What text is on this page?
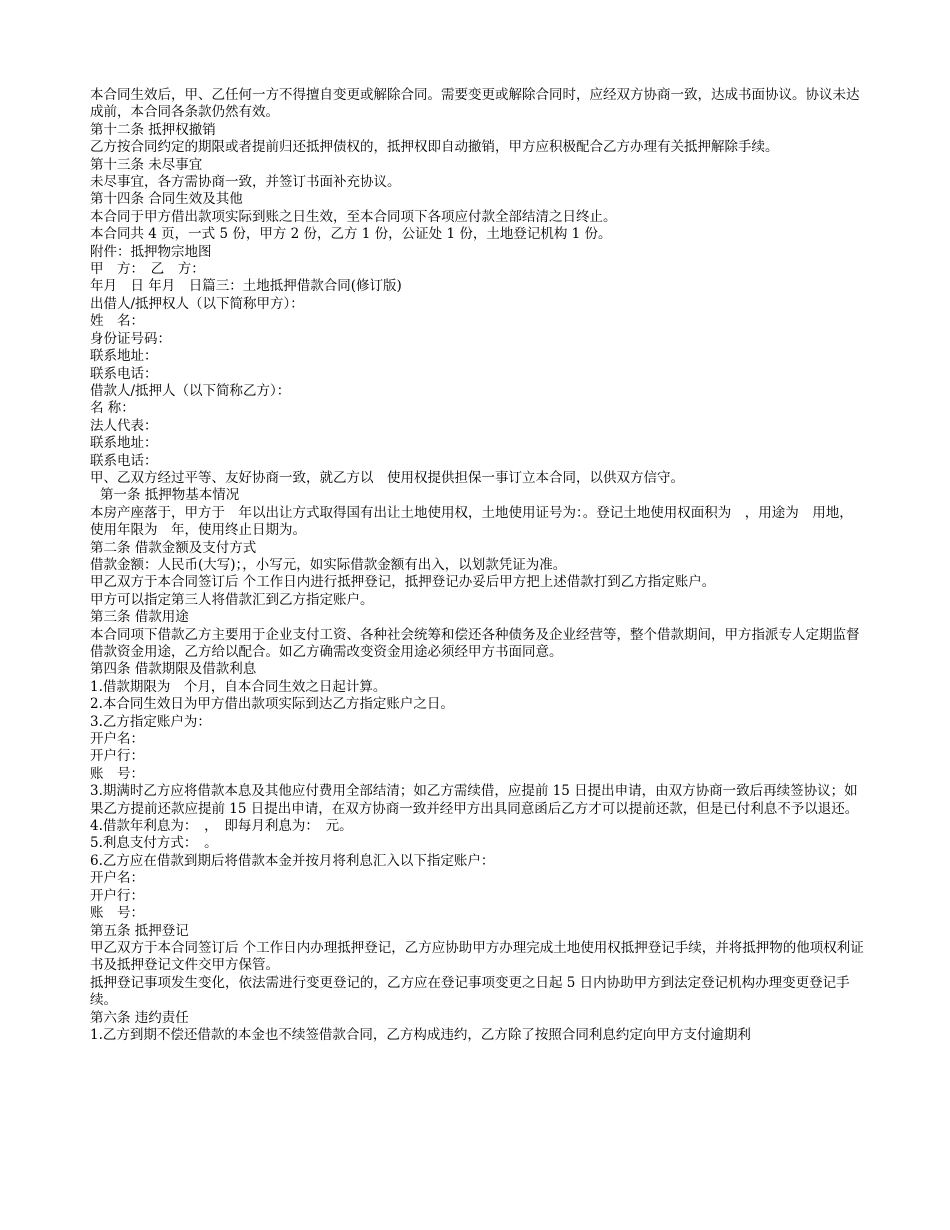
本合同生效后，甲、乙任何一方不得擅自变更或解除合同。需要变更或解除合同时，应经双方协商一致，达成书面协议。协议未达成前，本合同各条款仍然有效。

第十二条 抵押权撤销

乙方按合同约定的期限或者提前归还抵押债权的，抵押权即自动撤销，甲方应积极配合乙方办理有关抵押解除手续。

第十三条 未尽事宜

未尽事宜，各方需协商一致，并签订书面补充协议。

第十四条 合同生效及其他

本合同于甲方借出款项实际到账之日生效，至本合同项下各项应付款全部结清之日终止。

本合同共 4 页，一式 5 份，甲方 2 份，乙方 1 份，公证处 1 份，土地登记机构 1 份。

附件：抵押物宗地图

甲　方：　乙　方：

年月　日 年月　日篇三：土地抵押借款合同(修订版)

出借人/抵押权人（以下简称甲方）：

姓　名：

身份证号码：

联系地址：

联系电话：

借款人/抵押人（以下简称乙方）：

名 称：

法人代表：

联系地址：

联系电话：

甲、乙双方经过平等、友好协商一致，就乙方以　使用权提供担保一事订立本合同，以供双方信守。

第一条 抵押物基本情况

本房产座落于，甲方于　年以出让方式取得国有出让土地使用权，土地使用证号为：。登记土地使用权面积为　，用途为　用地，使用年限为　年，使用终止日期为。

第二条 借款金额及支付方式

借款金额：人民币(大写)；，小写元，如实际借款金额有出入，以划款凭证为准。

甲乙双方于本合同签订后 个工作日内进行抵押登记，抵押登记办妥后甲方把上述借款打到乙方指定账户。

甲方可以指定第三人将借款汇到乙方指定账户。

第三条 借款用途

本合同项下借款乙方主要用于企业支付工资、各种社会统筹和偿还各种债务及企业经营等，整个借款期间，甲方指派专人定期监督借款资金用途，乙方给以配合。如乙方确需改变资金用途必须经甲方书面同意。

第四条 借款期限及借款利息

1.借款期限为　个月，自本合同生效之日起计算。

2.本合同生效日为甲方借出款项实际到达乙方指定账户之日。

3.乙方指定账户为：

开户名：

开户行：

账　号：

3.期满时乙方应将借款本息及其他应付费用全部结清；如乙方需续借，应提前 15 日提出申请，由双方协商一致后再续签协议；如果乙方提前还款应提前 15 日提出申请，在双方协商一致并经甲方出具同意函后乙方才可以提前还款，但是已付利息不予以退还。

4.借款年利息为：　，　即每月利息为：　元。

5.利息支付方式：　。

6.乙方应在借款到期后将借款本金并按月将利息汇入以下指定账户：

开户名：

开户行：

账　号：

第五条 抵押登记

甲乙双方于本合同签订后 个工作日内办理抵押登记，乙方应协助甲方办理完成土地使用权抵押登记手续，并将抵押物的他项权利证书及抵押登记文件交甲方保管。

抵押登记事项发生变化，依法需进行变更登记的，乙方应在登记事项变更之日起 5 日内协助甲方到法定登记机构办理变更登记手续。

第六条 违约责任

1.乙方到期不偿还借款的本金也不续签借款合同，乙方构成违约，乙方除了按照合同利息约定向甲方支付逾期利
